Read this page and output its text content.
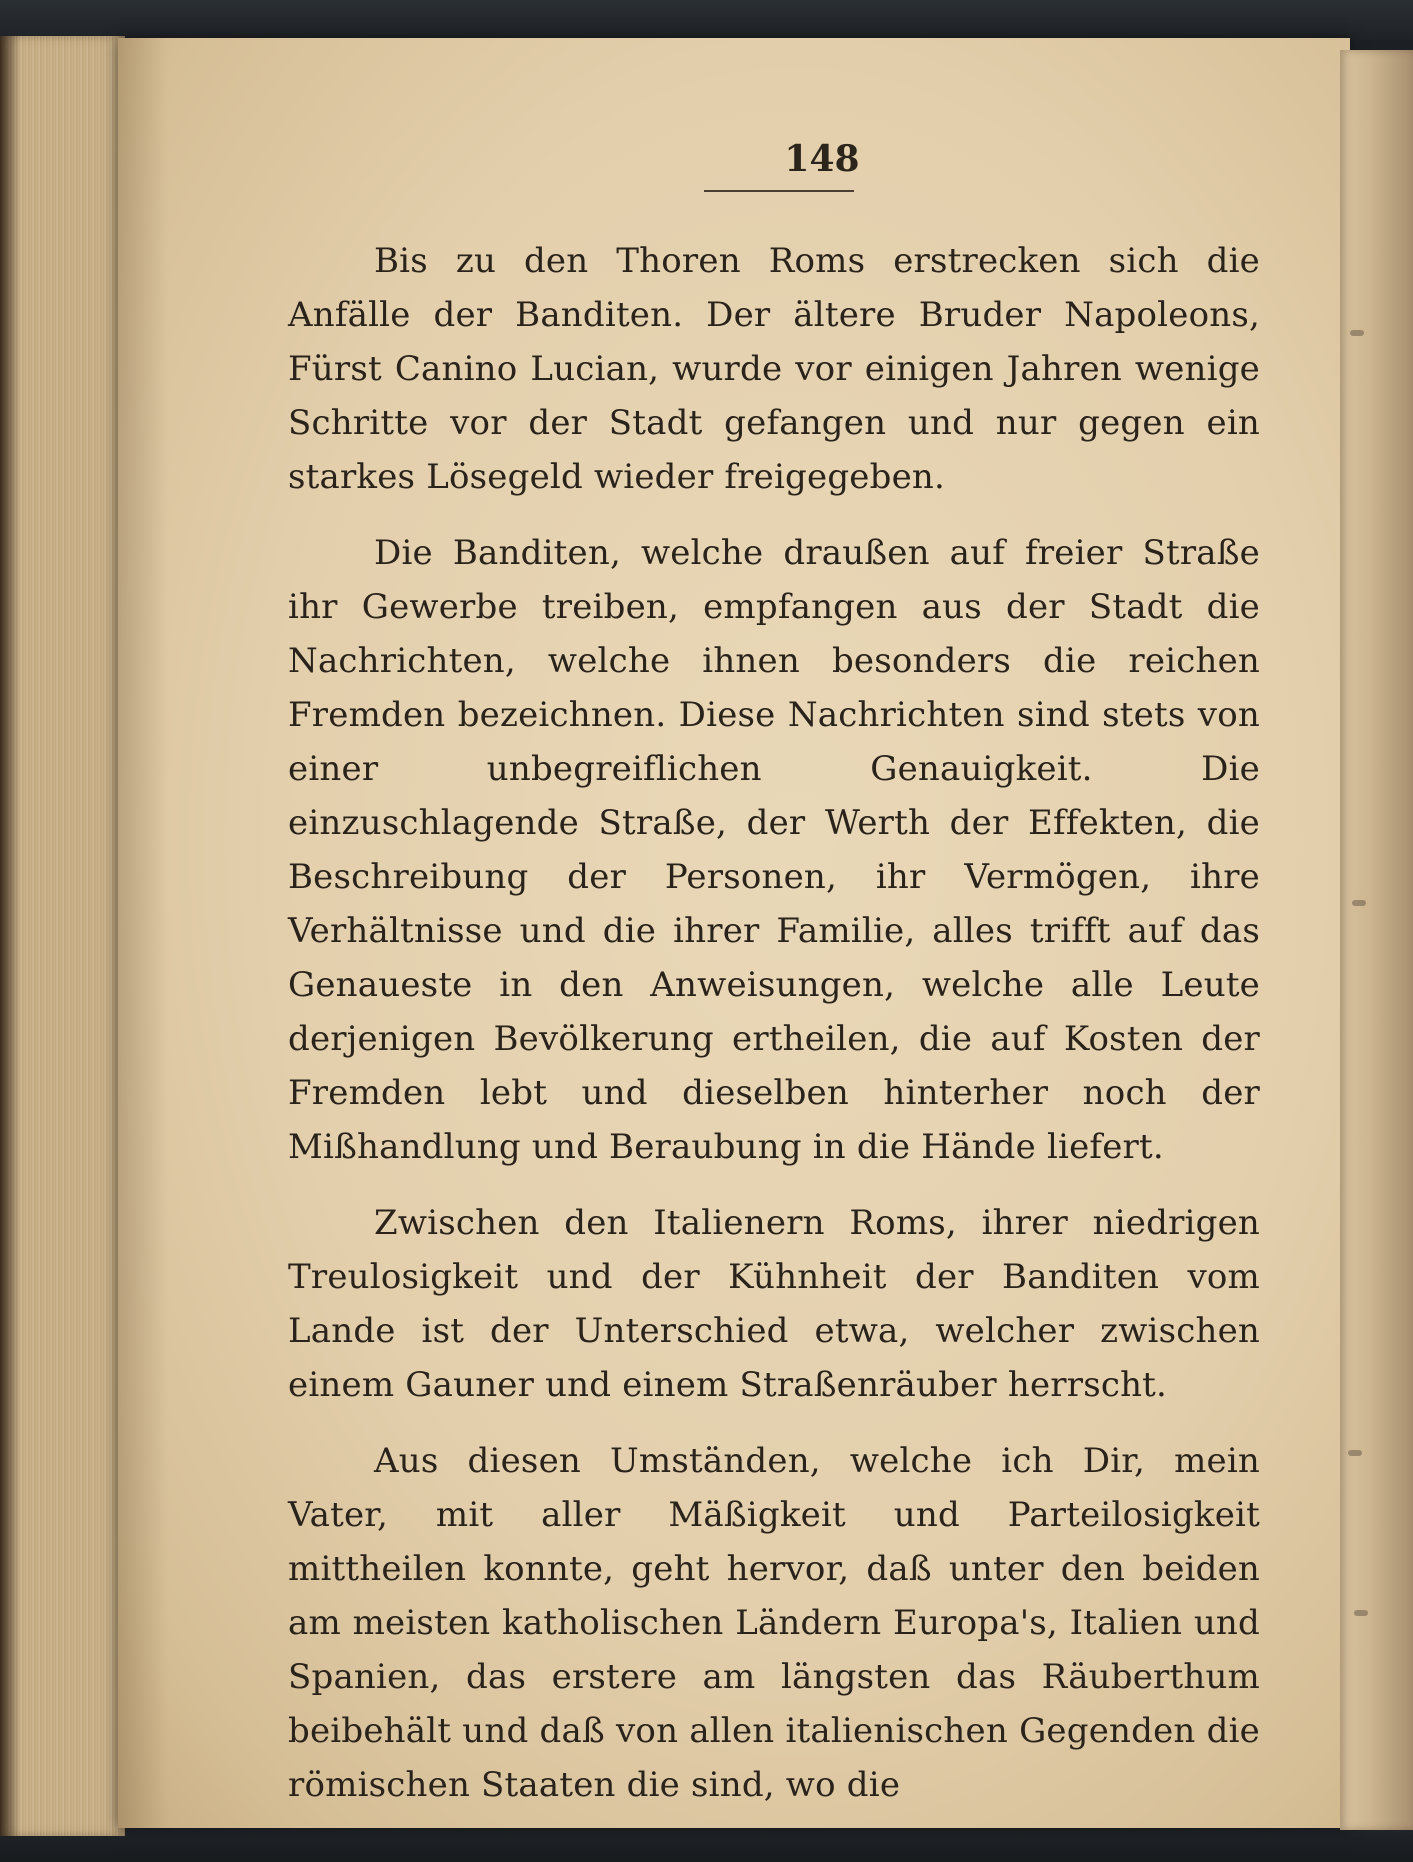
148

Bis zu den Thoren Roms erstrecken sich die Anfälle der Banditen. Der ältere Bruder Napoleons, Fürst Canino Lucian, wurde vor einigen Jahren wenige Schritte vor der Stadt gefangen und nur gegen ein starkes Lösegeld wieder freigegeben.

Die Banditen, welche draußen auf freier Straße ihr Gewerbe treiben, empfangen aus der Stadt die Nachrichten, welche ihnen besonders die reichen Fremden bezeichnen. Diese Nachrichten sind stets von einer unbegreiflichen Genauigkeit. Die einzuschlagende Straße, der Werth der Effekten, die Beschreibung der Personen, ihr Vermögen, ihre Verhältnisse und die ihrer Familie, alles trifft auf das Genaueste in den Anweisungen, welche alle Leute derjenigen Bevölkerung ertheilen, die auf Kosten der Fremden lebt und dieselben hinterher noch der Mißhandlung und Beraubung in die Hände liefert.

Zwischen den Italienern Roms, ihrer niedrigen Treulosigkeit und der Kühnheit der Banditen vom Lande ist der Unterschied etwa, welcher zwischen einem Gauner und einem Straßenräuber herrscht.

Aus diesen Umständen, welche ich Dir, mein Vater, mit aller Mäßigkeit und Parteilosigkeit mittheilen konnte, geht hervor, daß unter den beiden am meisten katholischen Ländern Europa's, Italien und Spanien, das erstere am längsten das Räuberthum beibehält und daß von allen italienischen Gegenden die römischen Staaten die sind, wo die
